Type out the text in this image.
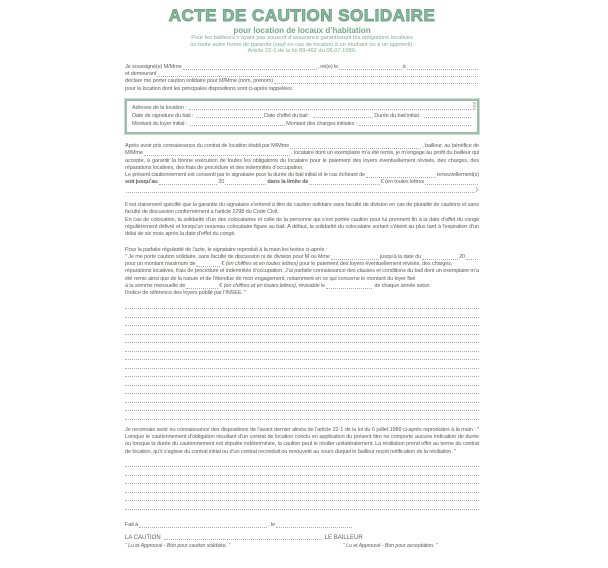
ACTE DE CAUTION SOLIDAIRE
pour location de locaux d’habitation
Pour les bailleurs n’ayant pas souscrit d’assurance garantissant les obligations locatives
ou toute autre forme de garantie (sauf en cas de location à un étudiant ou à un apprenti).
Article 22-1 de la loi 89-462 du 06.07.1989.
Je soussigné(e) M/Mme	, né(e) le	à
et demeurant
déclare me porter caution solidaire pour M/Mme (nom, prénom)
pour la location dont les principales dispositions sont ci-après rappelées.
804
Adresse de la location :
Date de signature du bail :	Date d’effet du bail :	Durée du bail initial :
Montant du loyer initial :	Montant des charges initiales :
Après avoir pris connaissance du contrat de location établi par M/Mme	, bailleur, au bénéfice de
M/Mme	, locataire dont un exemplaire m’a été remis, je m’engage au profit du bailleur qui
accepte, à garantir la bonne exécution de toutes les obligations du locataire pour le paiement des loyers éventuellement révisés, des charges, des réparations locatives, des frais de procédure et des indemnités d’occupation.
Le présent cautionnement est consenti par le signataire pour la durée du bail initial et le cas échéant de	renouvellement(s)
soit jusqu’au	20	dans la limite de	€ (en toutes lettres
).
Il est clairement spécifié que la garantie du signataire s’entend à titre de caution solidaire sans faculté de division en cas de pluralité de cautions et sans faculté de discussion conformément à l’article 2298 du Code Civil.
En cas de colocation, la solidarité d’un des colocataires et celle de la personne qui s’est portée caution pour lui prennent fin à la date d’effet du congé régulièrement délivré et lorsqu’un nouveau colocataire figure au bail. A défaut, la solidarité du colocataire sortant s’éteint au plus tard à l’expiration d’un délai de six mois après la date d’effet du congé.
Pour la parfaite régularité de l’acte, le signataire reproduit à la main les textes ci-après :
" Je me porte caution solidaire, sans faculté de discussion ni de division pour M ou Mme	jusqu’à la date du	20
pour un montant maximum de	€ (en chiffres et en toutes lettres) pour le paiement des loyers éventuellement révisés, des charges,
réparations locatives, frais de procédure et indemnités d’occupation. J’ai parfaite connaissance des clauses et conditions du bail dont un exemplaire m’a été remis ainsi que de la nature et de l’étendue de mon engagement, notamment en ce qui concerne le montant du loyer fixé
à la somme mensuelle de	€ (en chiffres et en toutes lettres) , révisable le	de chaque année selon
l’indice de référence des loyers publié par l’INSEE. "
Je reconnais avoir eu connaissance des dispositions de l’avant dernier alinéa de l’article 22-1 de la loi du 6 juillet 1989 ci-après reproduites à la main : " Lorsque le cautionnement d’obligation résultant d’un contrat de location conclu en application du présent titre ne comporte aucune indication de durée ou lorsque la durée du cautionnement est stipulée indéterminée, la caution peut le résilier unilatéralement. La résiliation prend effet au terme du contrat de location, qu’il s’agisse du contrat initial ou d’un contrat reconduit ou renouvelé au cours duquel le bailleur reçoit notification de la résiliation. "
Fait à	, le
LA CAUTION	LE BAILLEUR
" Lu et Approuvé - Bon pour caution solidaire. "	" Lu et Approuvé - Bon pour acceptation. "
